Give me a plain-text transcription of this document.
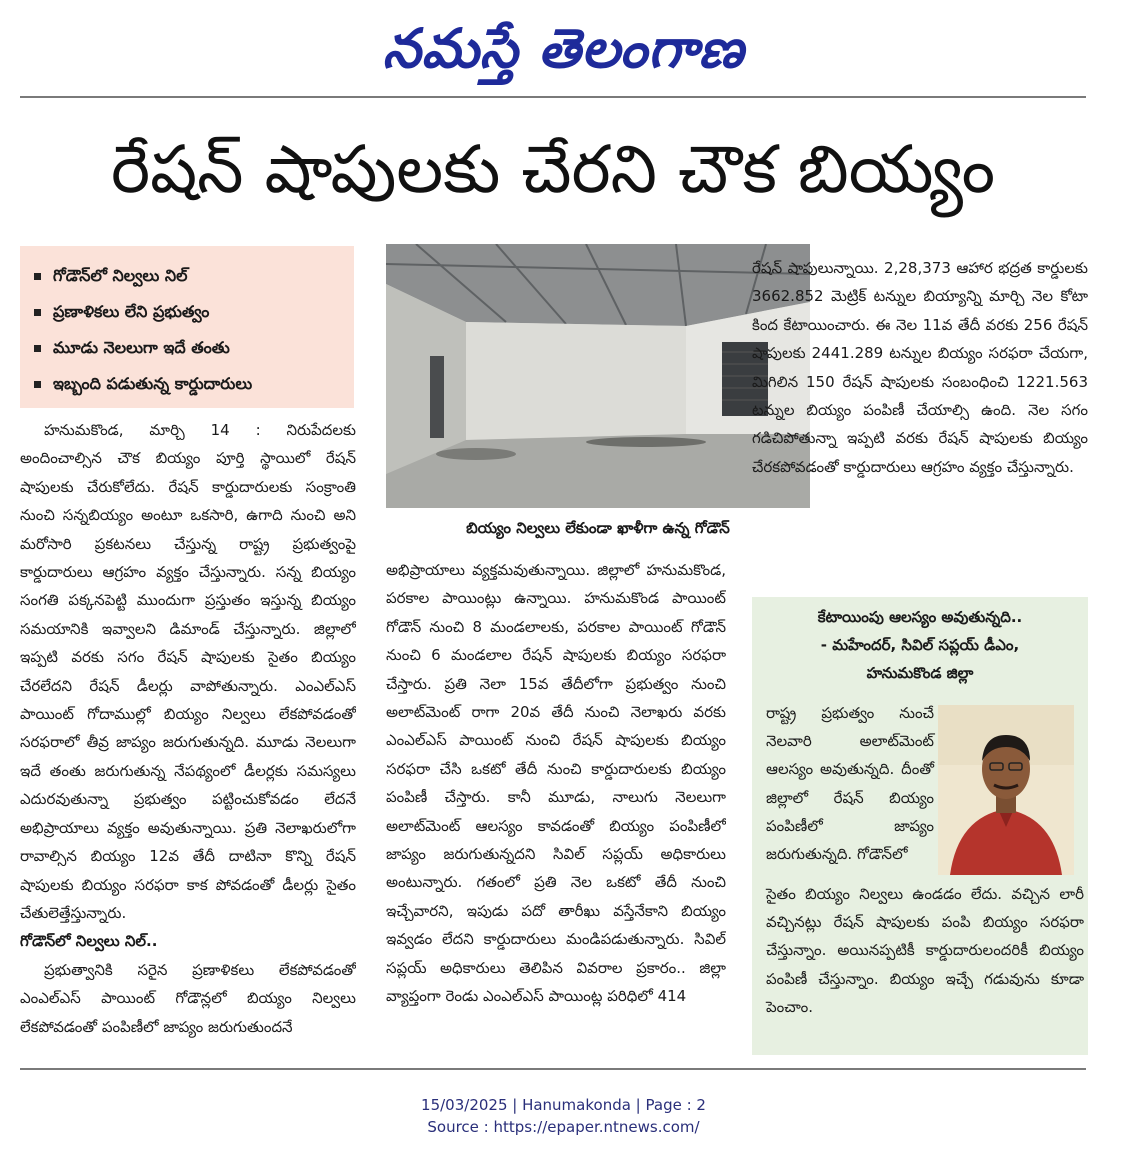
నమస్తే తెలంగాణ
రేషన్ షాపులకు చేరని చౌక బియ్యం
గోడౌన్‌లో నిల్వలు నిల్
ప్రణాళికలు లేని ప్రభుత్వం
మూడు నెలలుగా ఇదే తంతు
ఇబ్బంది పడుతున్న కార్డుదారులు

హనుమకొండ, మార్చి 14 : నిరుపేదలకు అందించాల్సిన చౌక బియ్యం పూర్తి స్థాయిలో రేషన్ షాపులకు చేరుకోలేదు. రేషన్ కార్డుదారులకు సంక్రాంతి నుంచి సన్నబియ్యం అంటూ ఒకసారి, ఉగాది నుంచి అని మరోసారి ప్రకటనలు చేస్తున్న రాష్ట్ర ప్రభుత్వంపై కార్డుదారులు ఆగ్రహం వ్యక్తం చేస్తున్నారు. సన్న బియ్యం సంగతి పక్కనపెట్టి ముందుగా ప్రస్తుతం ఇస్తున్న బియ్యం సమయానికి ఇవ్వాలని డిమాండ్ చేస్తున్నారు. జిల్లాలో ఇప్పటి వరకు సగం రేషన్ షాపులకు సైతం బియ్యం చేరలేదని రేషన్ డీలర్లు వాపోతున్నారు. ఎంఎల్ఎస్ పాయింట్ గోదాముల్లో బియ్యం నిల్వలు లేకపోవడంతో సరఫరాలో తీవ్ర జాప్యం జరుగుతున్నది. మూడు నెలలుగా ఇదే తంతు జరుగుతున్న నేపథ్యంలో డీలర్లకు సమస్యలు ఎదురవుతున్నా ప్రభుత్వం పట్టించుకోవడం లేదనే అభిప్రాయాలు వ్యక్తం అవుతున్నాయి. ప్రతి నెలాఖరులోగా రావాల్సిన బియ్యం 12వ తేదీ దాటినా కొన్ని రేషన్ షాపులకు బియ్యం సరఫరా కాక పోవడంతో డీలర్లు సైతం చేతులెత్తేస్తున్నారు.

గోడౌన్‌లో నిల్వలు నిల్..

ప్రభుత్వానికి సరైన ప్రణాళికలు లేకపోవడంతో ఎంఎల్ఎస్ పాయింట్ గోడౌన్లలో బియ్యం నిల్వలు లేకపోవడంతో పంపిణీలో జాప్యం జరుగుతుందనే

బియ్యం నిల్వలు లేకుండా ఖాళీగా ఉన్న గోడౌన్

అభిప్రాయాలు వ్యక్తమవుతున్నాయి. జిల్లాలో హనుమకొండ, పరకాల పాయింట్లు ఉన్నాయి. హనుమకొండ పాయింట్ గోడౌన్ నుంచి 8 మండలాలకు, పరకాల పాయింట్ గోడౌన్ నుంచి 6 మండలాల రేషన్ షాపులకు బియ్యం సరఫరా చేస్తారు. ప్రతి నెలా 15వ తేదీలోగా ప్రభుత్వం నుంచి అలాట్‌మెంట్ రాగా 20వ తేదీ నుంచి నెలాఖరు వరకు ఎంఎల్ఎస్ పాయింట్ నుంచి రేషన్ షాపులకు బియ్యం సరఫరా చేసి ఒకటో తేదీ నుంచి కార్డుదారులకు బియ్యం పంపిణీ చేస్తారు. కానీ మూడు, నాలుగు నెలలుగా అలాట్‌మెంట్ ఆలస్యం కావడంతో బియ్యం పంపిణీలో జాప్యం జరుగుతున్నదని సివిల్ సప్లయ్ అధికారులు అంటున్నారు. గతంలో ప్రతి నెల ఒకటో తేదీ నుంచి ఇచ్చేవారని, ఇపుడు పదో తారీఖు వస్తేనేకాని బియ్యం ఇవ్వడం లేదని కార్డుదారులు మండిపడుతున్నారు. సివిల్ సప్లయ్ అధికారులు తెలిపిన వివరాల ప్రకారం.. జిల్లా వ్యాప్తంగా రెండు ఎంఎల్ఎస్ పాయింట్ల పరిధిలో 414

రేషన్ షాపులున్నాయి. 2,28,373 ఆహార భద్రత కార్డులకు 3662.852 మెట్రిక్ టన్నుల బియ్యాన్ని మార్చి నెల కోటా కింద కేటాయించారు. ఈ నెల 11వ తేదీ వరకు 256 రేషన్ షాపులకు 2441.289 టన్నుల బియ్యం సరఫరా చేయగా, మిగిలిన 150 రేషన్ షాపులకు సంబంధించి 1221.563 టన్నుల బియ్యం పంపిణీ చేయాల్సి ఉంది. నెల సగం గడిచిపోతున్నా ఇప్పటి వరకు రేషన్ షాపులకు బియ్యం చేరకపోవడంతో కార్డుదారులు ఆగ్రహం వ్యక్తం చేస్తున్నారు.

కేటాయింపు ఆలస్యం అవుతున్నది..
- మహేందర్, సివిల్ సప్లయ్ డీఎం,
హనుమకొండ జిల్లా
రాష్ట్ర ప్రభుత్వం నుంచే నెలవారి అలాట్‌మెంట్ ఆలస్యం అవుతున్నది. దీంతో జిల్లాలో రేషన్ బియ్యం పంపిణీలో జాప్యం జరుగుతున్నది. గోడౌన్‌లో
సైతం బియ్యం నిల్వలు ఉండడం లేదు. వచ్చిన లారీ వచ్చినట్లు రేషన్ షాపులకు పంపి బియ్యం సరఫరా చేస్తున్నాం. అయినప్పటికీ కార్డుదారులందరికీ బియ్యం పంపిణీ చేస్తున్నాం. బియ్యం ఇచ్చే గడువును కూడా పెంచాం.
15/03/2025 | Hanumakonda | Page : 2
Source : https://epaper.ntnews.com/
